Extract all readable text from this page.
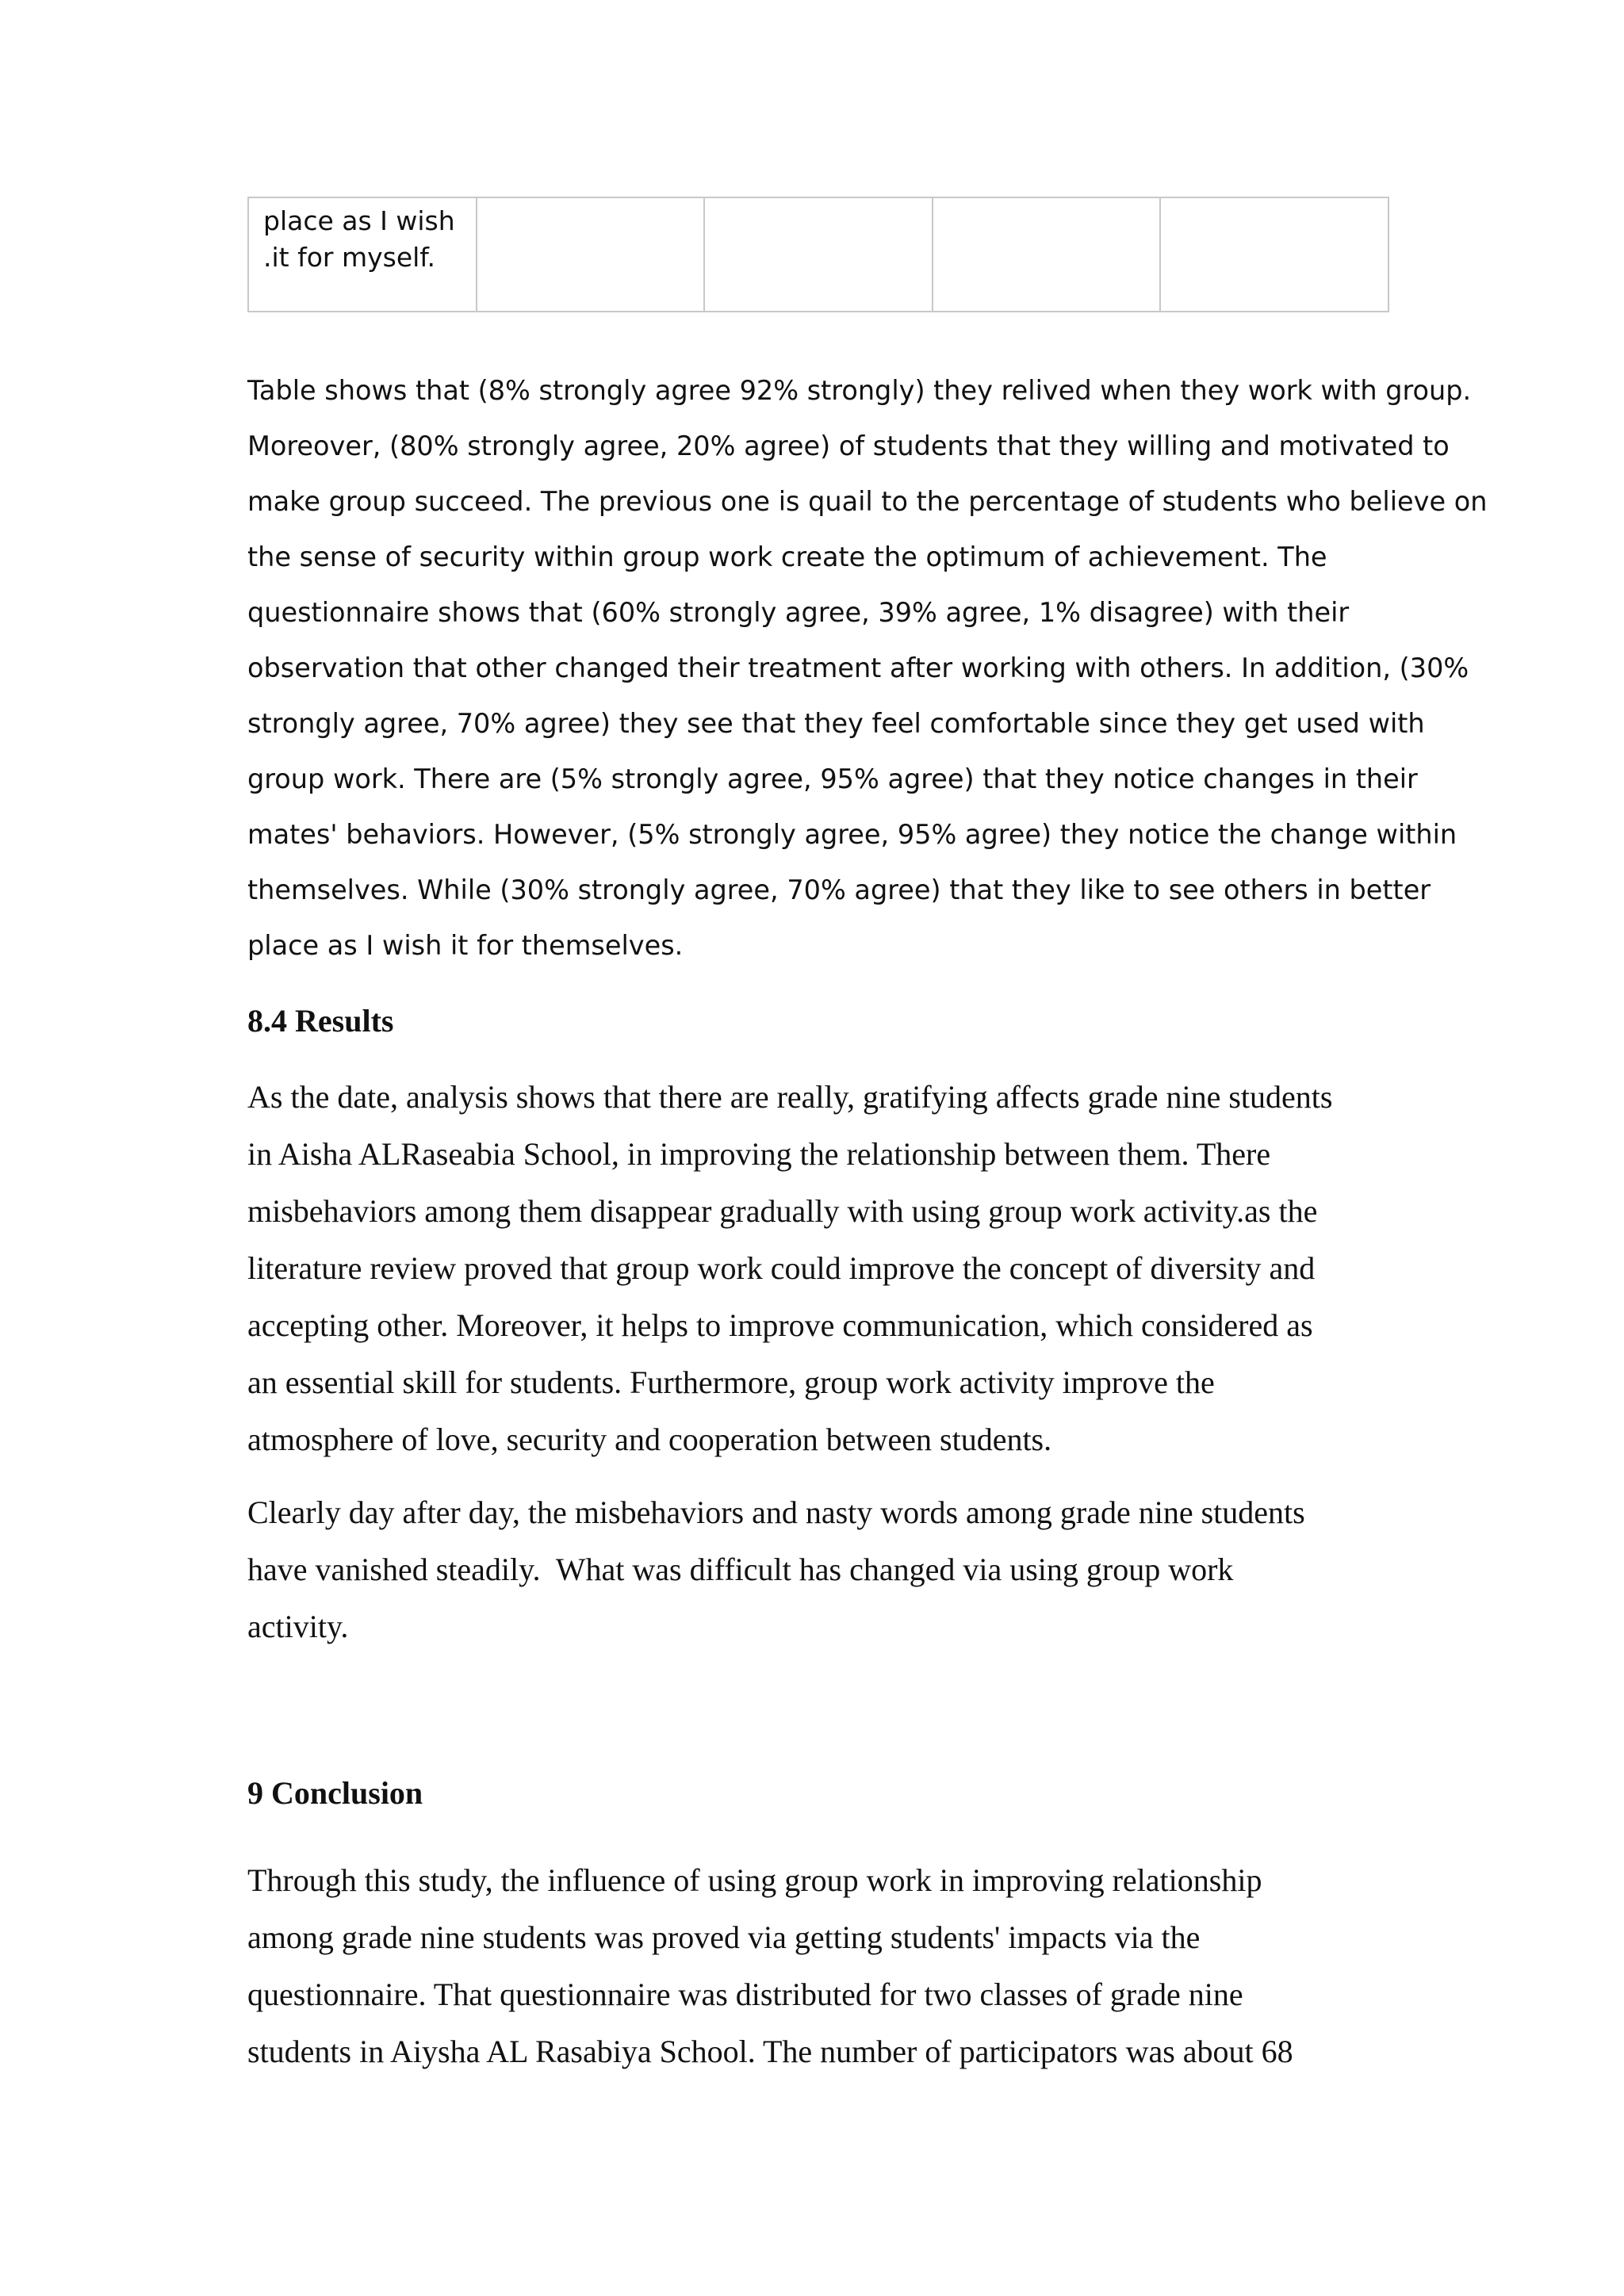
place as I wish
.it for myself.

Table shows that (8% strongly agree 92% strongly) they relived when they work with group.
Moreover, (80% strongly agree, 20% agree) of students that they willing and motivated to
make group succeed. The previous one is quail to the percentage of students who believe on
the sense of security within group work create the optimum of achievement. The
questionnaire shows that (60% strongly agree, 39% agree, 1% disagree) with their
observation that other changed their treatment after working with others. In addition, (30%
strongly agree, 70% agree) they see that they feel comfortable since they get used with
group work. There are (5% strongly agree, 95% agree) that they notice changes in their
mates' behaviors. However, (5% strongly agree, 95% agree) they notice the change within
themselves. While (30% strongly agree, 70% agree) that they like to see others in better
place as I wish it for themselves.
8.4 Results

As the date, analysis shows that there are really, gratifying affects grade nine students
in Aisha ALRaseabia School, in improving the relationship between them. There
misbehaviors among them disappear gradually with using group work activity.as the
literature review proved that group work could improve the concept of diversity and
accepting other. Moreover, it helps to improve communication, which considered as
an essential skill for students. Furthermore, group work activity improve the
atmosphere of love, security and cooperation between students.

Clearly day after day, the misbehaviors and nasty words among grade nine students
have vanished steadily.  What was difficult has changed via using group work
activity.

9 Conclusion

Through this study, the influence of using group work in improving relationship
among grade nine students was proved via getting students' impacts via the
questionnaire. That questionnaire was distributed for two classes of grade nine
students in Aiysha AL Rasabiya School. The number of participators was about 68
